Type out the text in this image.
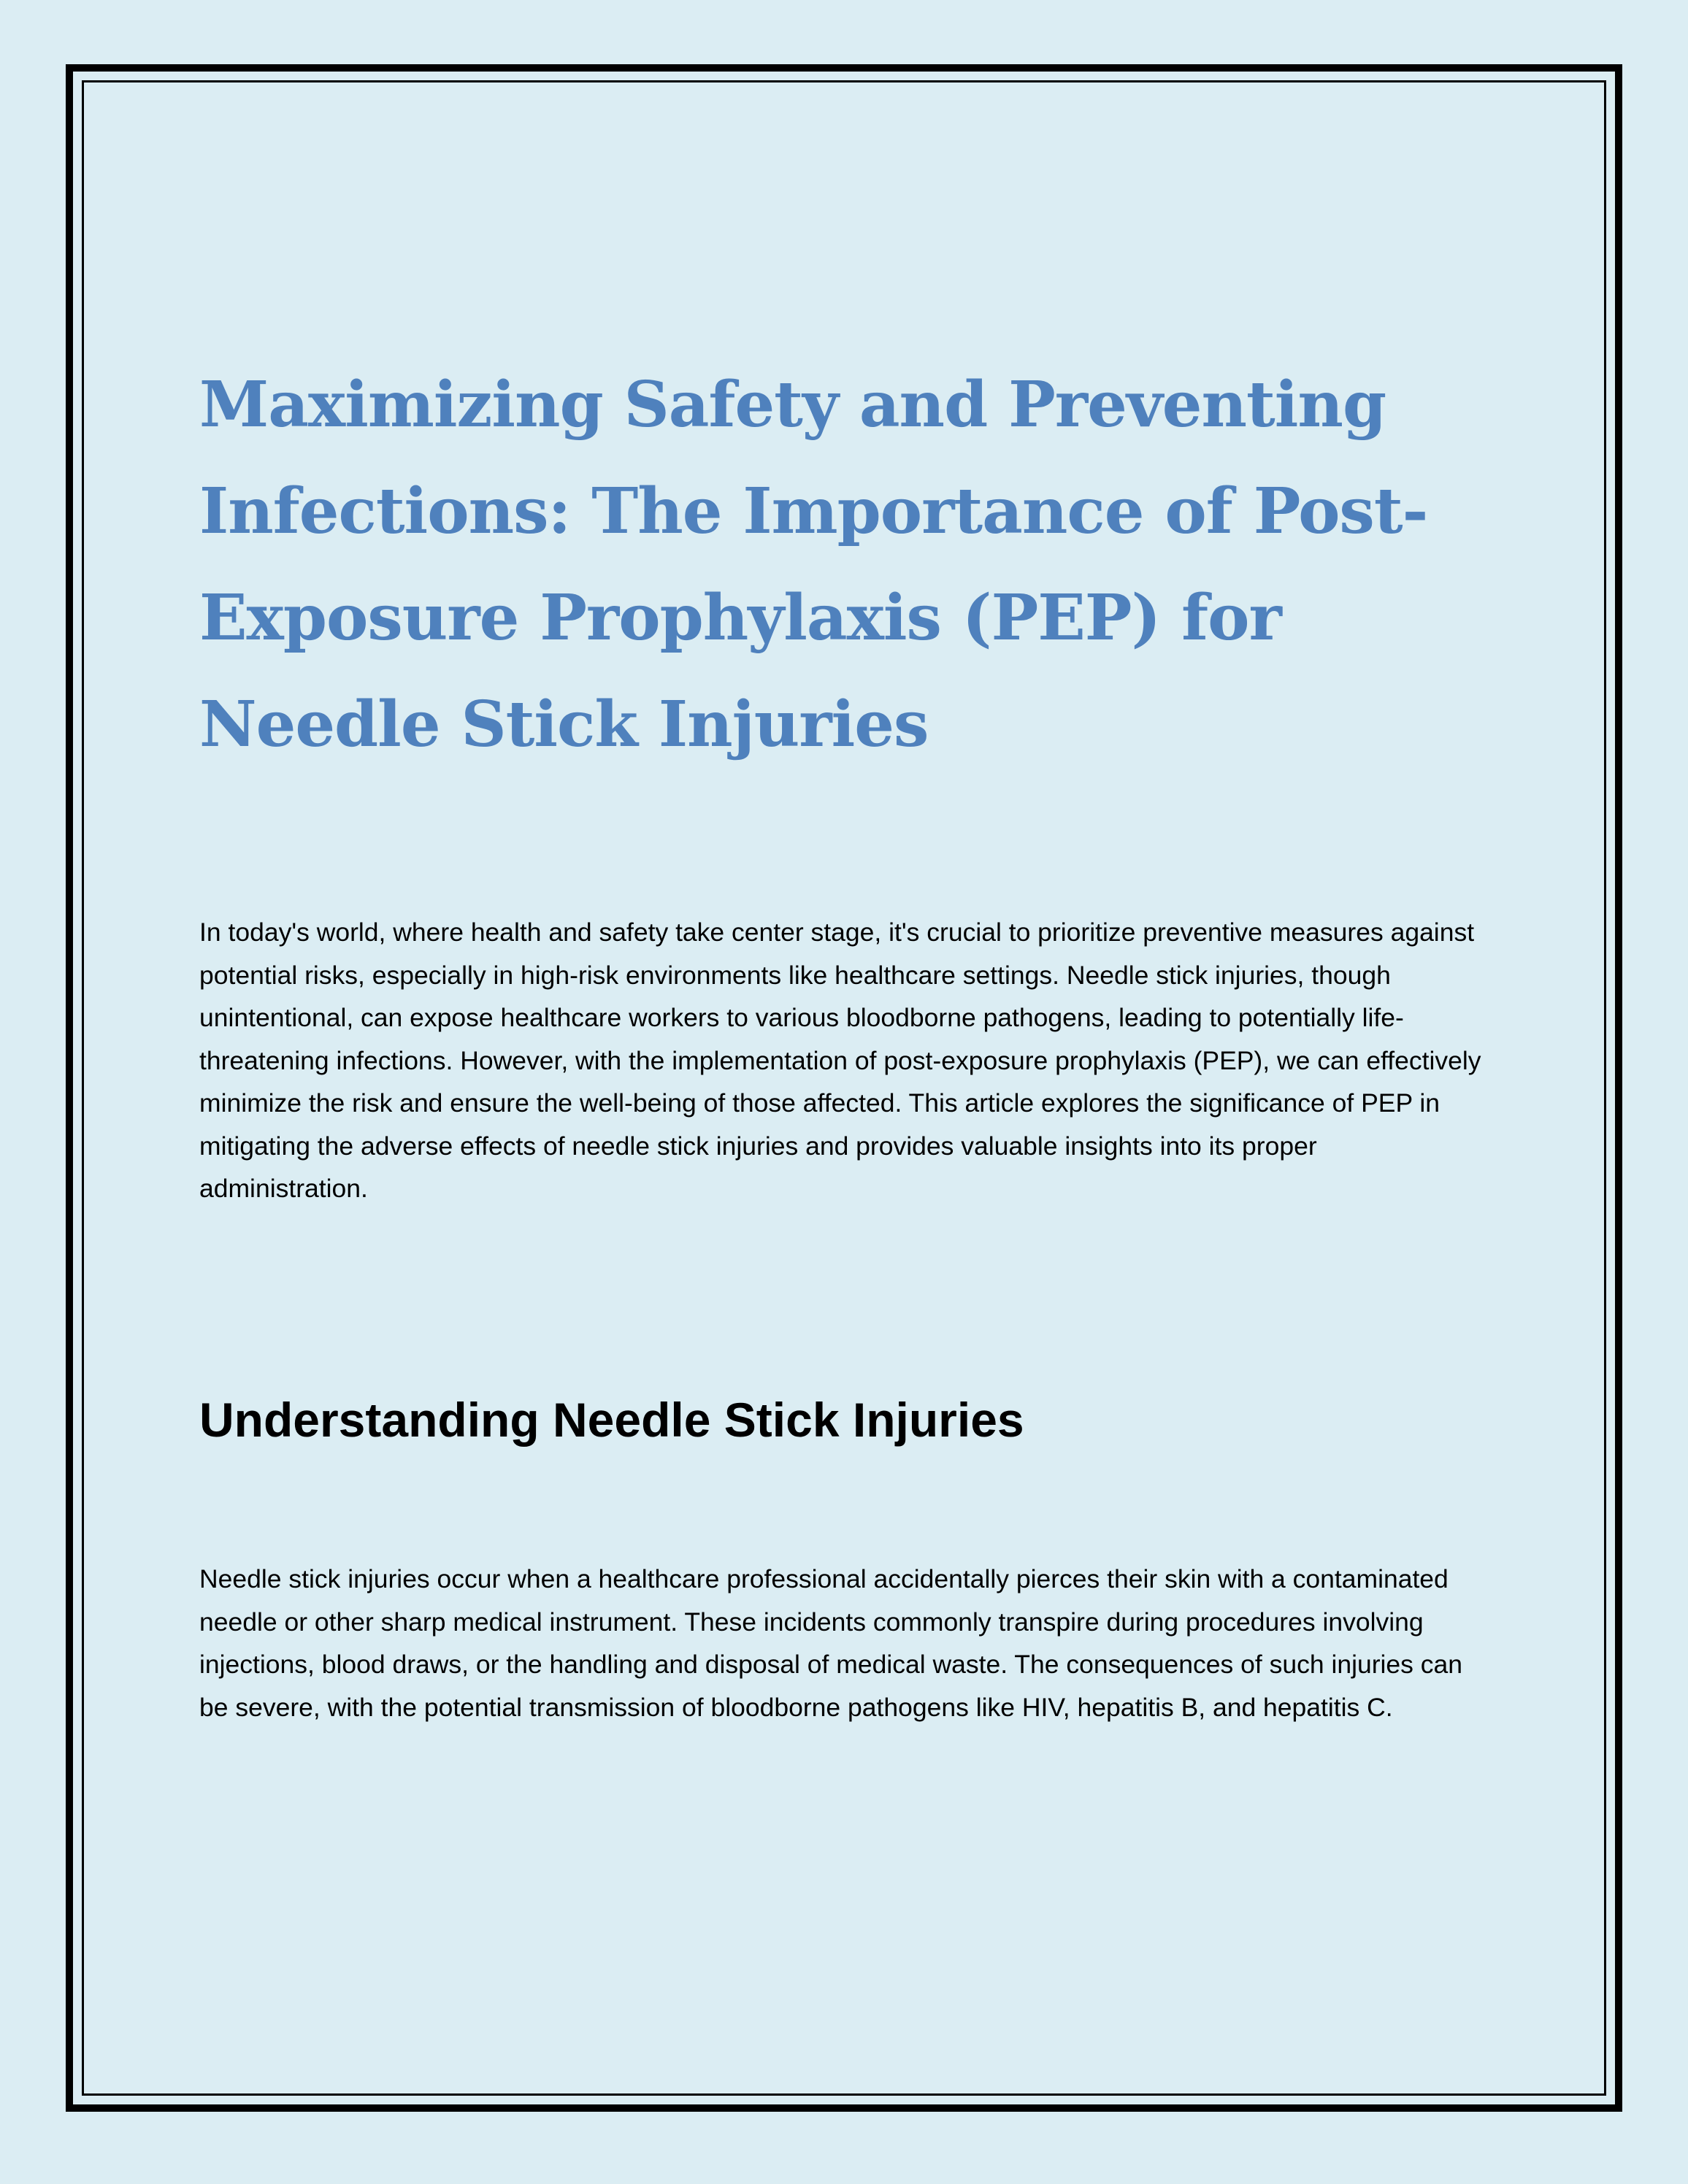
Maximizing Safety and Preventing Infections: The Importance of Post-Exposure Prophylaxis (PEP) for Needle Stick Injuries

In today's world, where health and safety take center stage, it's crucial to prioritize preventive measures against potential risks, especially in high-risk environments like healthcare settings. Needle stick injuries, though unintentional, can expose healthcare workers to various bloodborne pathogens, leading to potentially life-threatening infections. However, with the implementation of post-exposure prophylaxis (PEP), we can effectively minimize the risk and ensure the well-being of those affected. This article explores the significance of PEP in mitigating the adverse effects of needle stick injuries and provides valuable insights into its proper administration.

Understanding Needle Stick Injuries

Needle stick injuries occur when a healthcare professional accidentally pierces their skin with a contaminated needle or other sharp medical instrument. These incidents commonly transpire during procedures involving injections, blood draws, or the handling and disposal of medical waste. The consequences of such injuries can be severe, with the potential transmission of bloodborne pathogens like HIV, hepatitis B, and hepatitis C.
